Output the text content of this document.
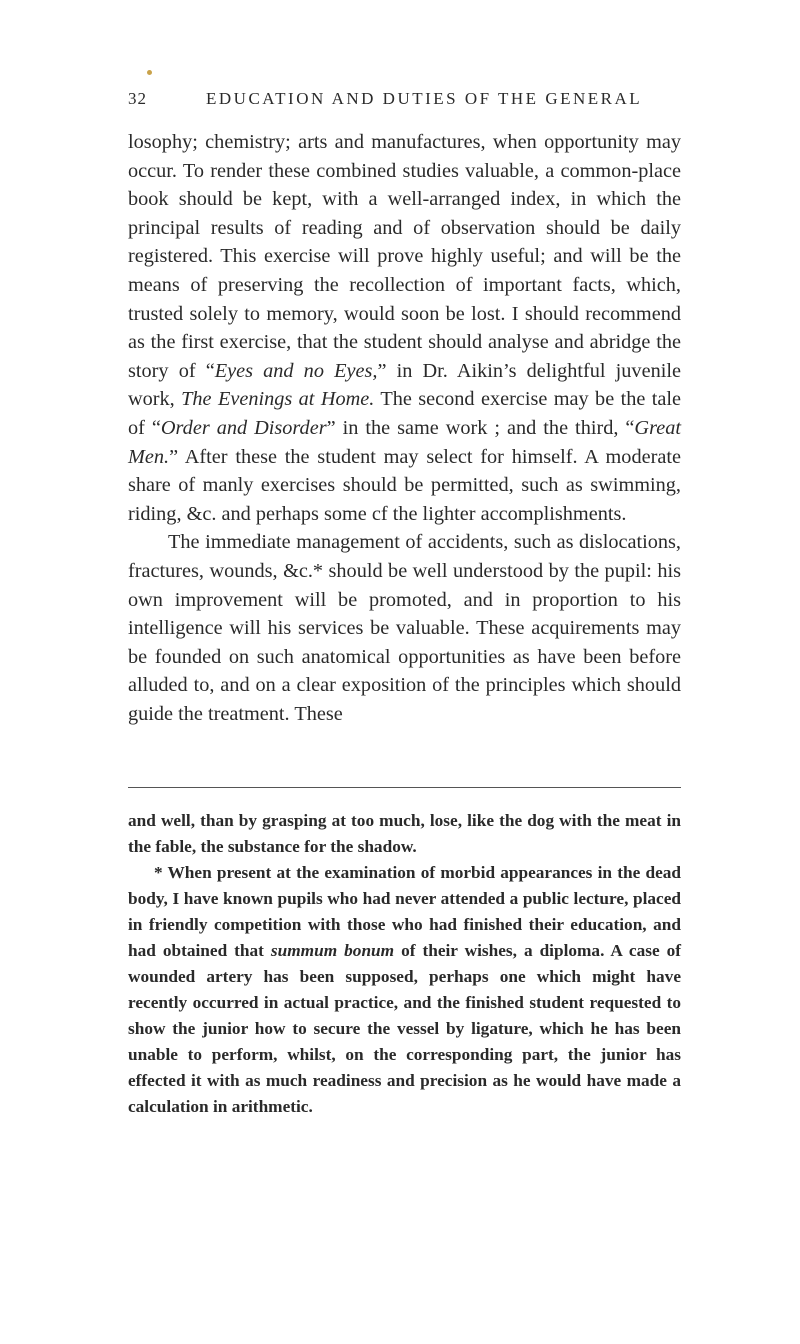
32	EDUCATION AND DUTIES OF THE GENERAL

losophy; chemistry; arts and manufactures, when opportunity may occur. To render these combined studies valuable, a common-place book should be kept, with a well-arranged index, in which the principal results of reading and of observation should be daily registered. This exercise will prove highly useful; and will be the means of preserving the recollection of important facts, which, trusted solely to memory, would soon be lost. I should recommend as the first exercise, that the student should analyse and abridge the story of “Eyes and no Eyes,” in Dr. Aikin’s delightful juvenile work, The Evenings at Home. The second exercise may be the tale of “Order and Disorder” in the same work ; and the third, “Great Men.” After these the student may select for himself. A moderate share of manly exercises should be permitted, such as swimming, riding, &c. and perhaps some cf the lighter accomplishments.

The immediate management of accidents, such as dislocations, fractures, wounds, &c.* should be well understood by the pupil: his own improvement will be promoted, and in proportion to his intelligence will his services be valuable. These acquirements may be founded on such anatomical opportunities as have been before alluded to, and on a clear exposition of the principles which should guide the treatment. These

and well, than by grasping at too much, lose, like the dog with the meat in the fable, the substance for the shadow.

* When present at the examination of morbid appearances in the dead body, I have known pupils who had never attended a public lecture, placed in friendly competition with those who had finished their education, and had obtained that summum bonum of their wishes, a diploma. A case of wounded artery has been supposed, perhaps one which might have recently occurred in actual practice, and the finished student requested to show the junior how to secure the vessel by ligature, which he has been unable to perform, whilst, on the corresponding part, the junior has effected it with as much readiness and precision as he would have made a calculation in arithmetic.
